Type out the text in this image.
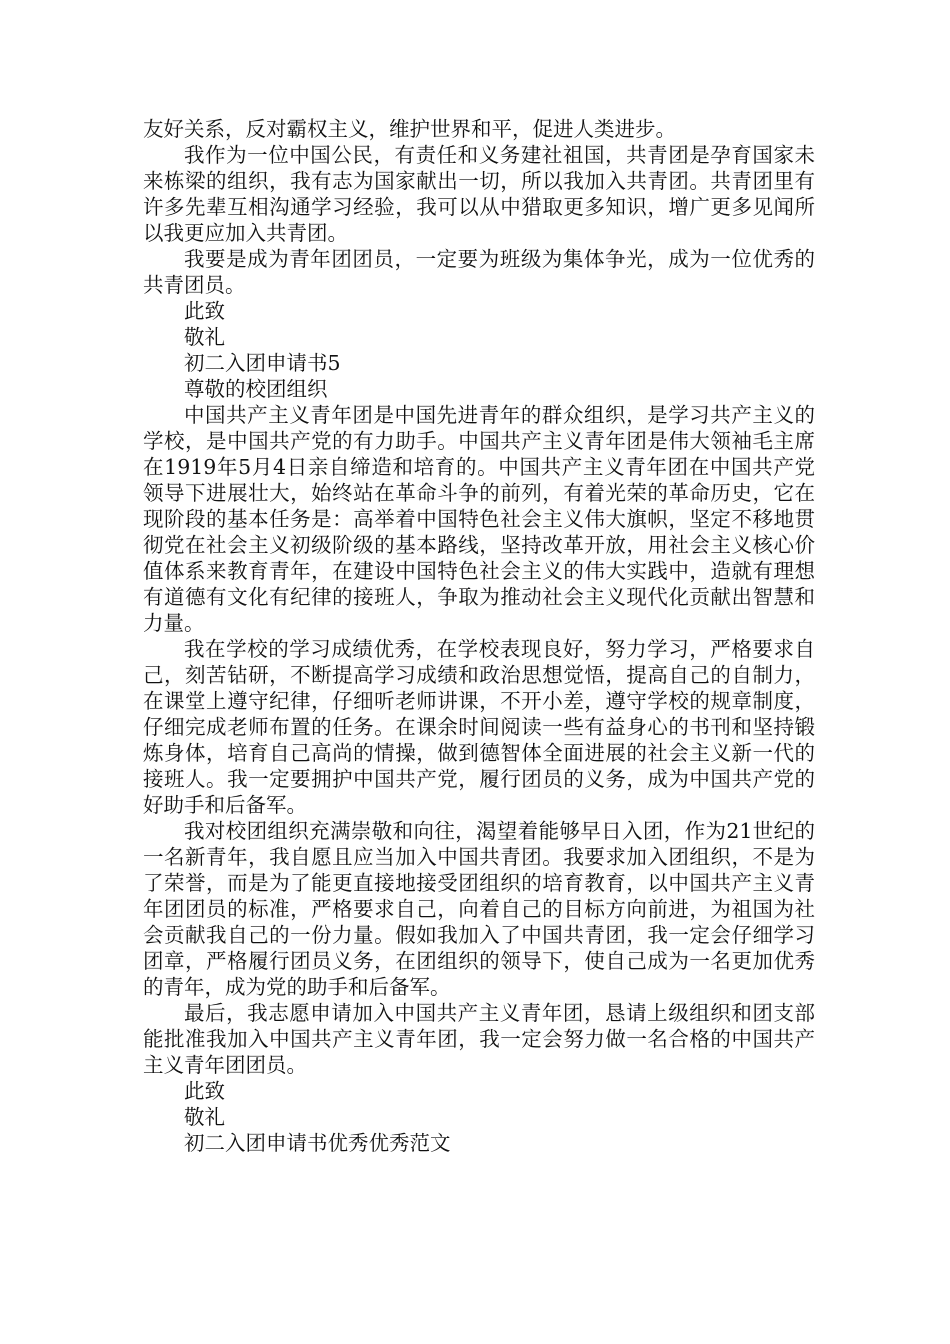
友好关系，反对霸权主义，维护世界和平，促进人类进步。

我作为一位中国公民，有责任和义务建社祖国，共青团是孕育国家未来栋梁的组织，我有志为国家献出一切，所以我加入共青团。共青团里有许多先辈互相沟通学习经验，我可以从中猎取更多知识，增广更多见闻所以我更应加入共青团。

我要是成为青年团团员，一定要为班级为集体争光，成为一位优秀的共青团员。

此致

敬礼

初二入团申请书5

尊敬的校团组织

中国共产主义青年团是中国先进青年的群众组织，是学习共产主义的学校，是中国共产党的有力助手。中国共产主义青年团是伟大领袖毛主席在1919年5月4日亲自缔造和培育的。中国共产主义青年团在中国共产党领导下进展壮大，始终站在革命斗争的前列，有着光荣的革命历史，它在现阶段的基本任务是：高举着中国特色社会主义伟大旗帜，坚定不移地贯彻党在社会主义初级阶级的基本路线，坚持改革开放，用社会主义核心价值体系来教育青年，在建设中国特色社会主义的伟大实践中，造就有理想有道德有文化有纪律的接班人，争取为推动社会主义现代化贡献出智慧和力量。

我在学校的学习成绩优秀，在学校表现良好，努力学习，严格要求自己，刻苦钻研，不断提高学习成绩和政治思想觉悟，提高自己的自制力，在课堂上遵守纪律，仔细听老师讲课，不开小差，遵守学校的规章制度，仔细完成老师布置的任务。在课余时间阅读一些有益身心的书刊和坚持锻炼身体，培育自己高尚的情操，做到德智体全面进展的社会主义新一代的接班人。我一定要拥护中国共产党，履行团员的义务，成为中国共产党的好助手和后备军。

我对校团组织充满崇敬和向往，渴望着能够早日入团，作为21世纪的一名新青年，我自愿且应当加入中国共青团。我要求加入团组织，不是为了荣誉，而是为了能更直接地接受团组织的培育教育，以中国共产主义青年团团员的标准，严格要求自己，向着自己的目标方向前进，为祖国为社会贡献我自己的一份力量。假如我加入了中国共青团，我一定会仔细学习团章，严格履行团员义务，在团组织的领导下，使自己成为一名更加优秀的青年，成为党的助手和后备军。

最后，我志愿申请加入中国共产主义青年团，恳请上级组织和团支部能批准我加入中国共产主义青年团，我一定会努力做一名合格的中国共产主义青年团团员。

此致

敬礼

初二入团申请书优秀优秀范文
